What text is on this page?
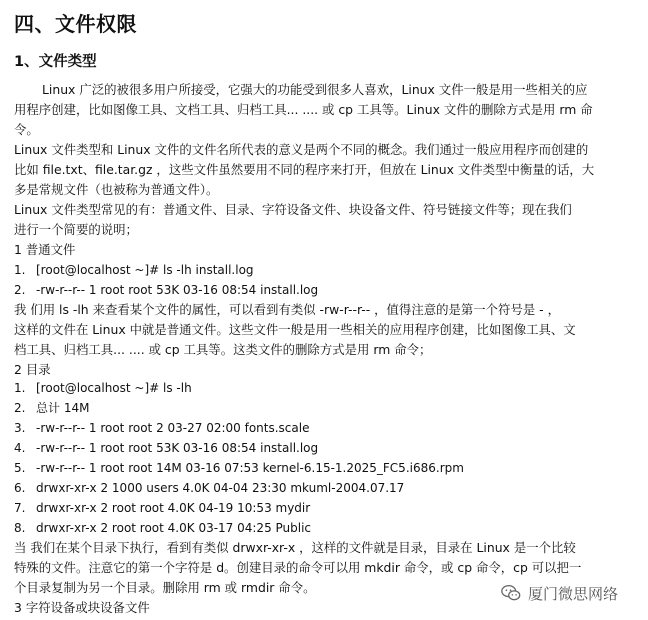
四、文件权限
1、文件类型
Linux 广泛的被很多用户所接受，它强大的功能受到很多人喜欢，Linux 文件一般是用一些相关的应
用程序创建，比如图像工具、文档工具、归档工具... .... 或 cp 工具等。Linux 文件的删除方式是用 rm 命
令。
Linux 文件类型和 Linux 文件的文件名所代表的意义是两个不同的概念。我们通过一般应用程序而创建的
比如 file.txt、file.tar.gz ，这些文件虽然要用不同的程序来打开，但放在 Linux 文件类型中衡量的话，大
多是常规文件（也被称为普通文件）。
Linux 文件类型常见的有：普通文件、目录、字符设备文件、块设备文件、符号链接文件等；现在我们
进行一个简要的说明；
1 普通文件
我 们用 ls -lh 来查看某个文件的属性，可以看到有类似 -rw-r--r-- ，值得注意的是第一个符号是 - ，
这样的文件在 Linux 中就是普通文件。这些文件一般是用一些相关的应用程序创建，比如图像工具、文
档工具、归档工具... .... 或 cp 工具等。这类文件的删除方式是用 rm 命令；
2 目录
当 我们在某个目录下执行，看到有类似 drwxr-xr-x ，这样的文件就是目录，目录在 Linux 是一个比较
特殊的文件。注意它的第一个字符是 d。创建目录的命令可以用 mkdir 命令，或 cp 命令，cp 可以把一
个目录复制为另一个目录。删除用 rm 或 rmdir 命令。
3 字符设备或块设备文件
1. [root@localhost ~]# ls -lh install.log
2. -rw-r--r-- 1 root root 53K 03-16 08:54 install.log
1. [root@localhost ~]# ls -lh
2. 总计 14M
3. -rw-r--r-- 1 root root 2 03-27 02:00 fonts.scale
4. -rw-r--r-- 1 root root 53K 03-16 08:54 install.log
5. -rw-r--r-- 1 root root 14M 03-16 07:53 kernel-6.15-1.2025_FC5.i686.rpm
6. drwxr-xr-x 2 1000 users 4.0K 04-04 23:30 mkuml-2004.07.17
7. drwxr-xr-x 2 root root 4.0K 04-19 10:53 mydir
8. drwxr-xr-x 2 root root 4.0K 03-17 04:25 Public
厦门微思网络
